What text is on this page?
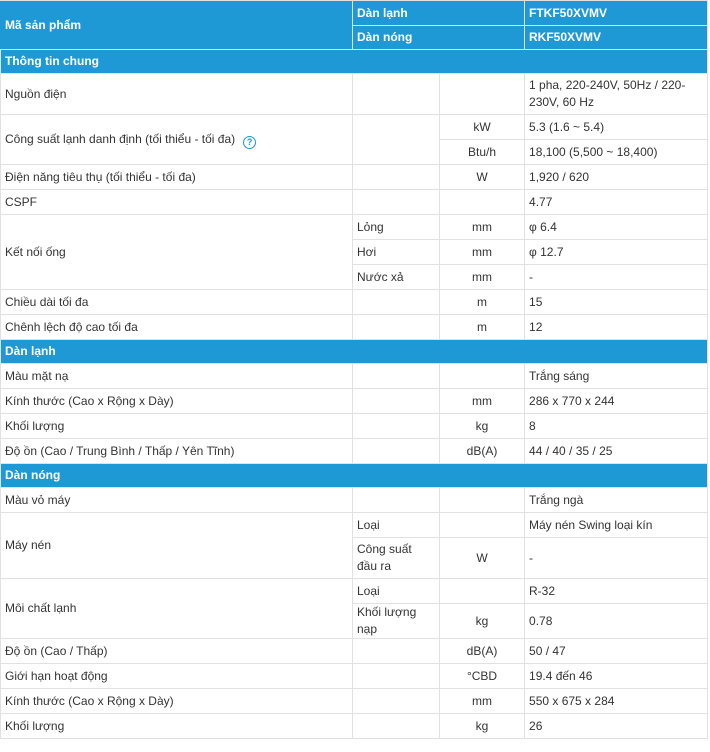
Mã sản phẩm	Dàn lạnh		FTKF50XVMV
	Dàn nóng		RKF50XVMV
Thông tin chung			
Nguồn điện			1 pha, 220-240V, 50Hz / 220-230V, 60 Hz
Công suất lạnh danh định (tối thiểu - tối đa) ?		kW	5.3 (1.6 ~ 5.4)
		Btu/h	18,100 (5,500 ~ 18,400)
Điện năng tiêu thụ (tối thiểu - tối đa)		W	1,920 / 620
CSPF			4.77
Kết nối ống	Lỏng	mm	φ 6.4
	Hơi	mm	φ 12.7
	Nước xả	mm	-
Chiều dài tối đa		m	15
Chênh lệch độ cao tối đa		m	12
Dàn lạnh			
Màu mặt nạ			Trắng sáng
Kính thước (Cao x Rộng x Dày)		mm	286 x 770 x 244
Khối lượng		kg	8
Độ ồn (Cao / Trung Bình / Thấp / Yên Tĩnh)		dB(A)	44 / 40 / 35 / 25
Dàn nóng			
Màu vỏ máy			Trắng ngà
Máy nén	Loại		Máy nén Swing loại kín
	Công suất đầu ra	W	-
Môi chất lạnh	Loại		R-32
	Khối lượng nạp	kg	0.78
Độ ồn (Cao / Thấp)		dB(A)	50 / 47
Giới hạn hoạt động		°CBD	19.4 đến 46
Kính thước (Cao x Rộng x Dày)		mm	550 x 675 x 284
Khối lượng		kg	26
